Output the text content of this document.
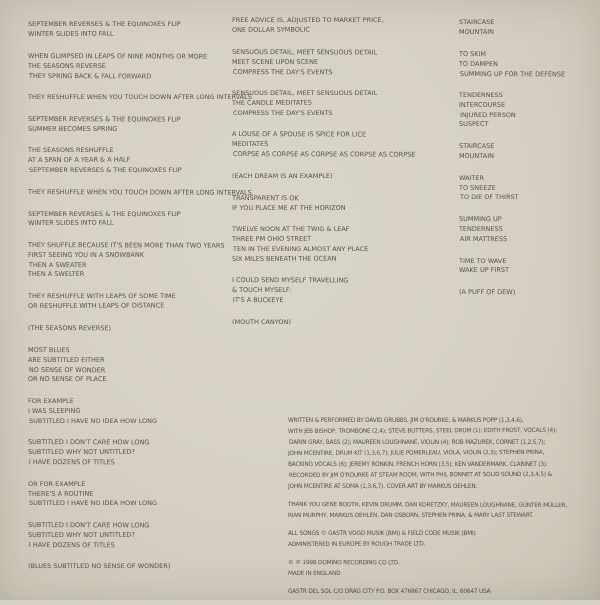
SEPTEMBER REVERSES & THE EQUINOXES FLIP
WINTER SLIDES INTO FALL
WHEN GLIMPSED IN LEAPS OF NINE MONTHS OR MORE
THE SEASONS REVERSE
THEY SPRING BACK & FALL FORWARD
THEY RESHUFFLE WHEN YOU TOUCH DOWN AFTER LONG INTERVALS
SEPTEMBER REVERSES & THE EQUINOXES FLIP
SUMMER BECOMES SPRING
THE SEASONS RESHUFFLE
AT A SPAN OF A YEAR & A HALF
SEPTEMBER REVERSES & THE EQUINOXES FLIP
THEY RESHUFFLE WHEN YOU TOUCH DOWN AFTER LONG INTERVALS.
SEPTEMBER REVERSES & THE EQUINOXES FLIP
WINTER SLIDES INTO FALL
THEY SHUFFLE BECAUSE IT'S BEEN MORE THAN TWO YEARS
FIRST SEEING YOU IN A SNOWBANK
THEN A SWEATER
THEN A SWELTER
THEY RESHUFFLE WITH LEAPS OF SOME TIME
OR RESHUFFLE WITH LEAPS OF DISTANCE
(THE SEASONS REVERSE)
MOST BLUES
ARE SUBTITLED EITHER
NO SENSE OF WONDER
OR NO SENSE OF PLACE
FOR EXAMPLE
I WAS SLEEPING
SUBTITLED I HAVE NO IDEA HOW LONG
SUBTITLED I DON'T CARE HOW LONG
SUBTITLED WHY NOT UNTITLED?
I HAVE DOZENS OF TITLES
OR FOR EXAMPLE
THERE'S A ROUTINE
SUBTITLED I HAVE NO IDEA HOW LONG
SUBTITLED I DON'T CARE HOW LONG
SUBTITLED WHY NOT UNTITLED?
I HAVE DOZENS OF TITLES
(BLUES SUBTITLED NO SENSE OF WONDER)
FREE ADVICE IS, ADJUSTED TO MARKET PRICE,
ONE DOLLAR SYMBOLIC
SENSUOUS DETAIL, MEET SENSUOUS DETAIL
MEET SCENE UPON SCENE
COMPRESS THE DAY'S EVENTS
SENSUOUS DETAIL, MEET SENSUOUS DETAIL
THE CANDLE MEDITATES
COMPRESS THE DAY'S EVENTS
A LOUSE OF A SPOUSE IS SPICE FOR LICE
MEDITATES
CORPSE AS CORPSE AS CORPSE AS CORPSE AS CORPSE
(EACH DREAM IS AN EXAMPLE)
TRANSPARENT IS OK
IF YOU PLACE ME AT THE HORIZON
TWELVE NOON AT THE TWIG & LEAF
THREE PM OHIO STREET
TEN IN THE EVENING ALMOST ANY PLACE
SIX MILES BENEATH THE OCEAN
I COULD SEND MYSELF TRAVELLING
& TOUCH MYSELF:
IT'S A BUCKEYE
(MOUTH CANYON)
STAIRCASE
MOUNTAIN
TO SKIM
TO DAMPEN
SUMMING UP FOR THE DEFENSE
TENDERNESS
INTERCOURSE
INJURED PERSON
SUSPECT
STAIRCASE
MOUNTAIN
WAITER
TO SNEEZE
TO DIE OF THIRST
SUMMING UP
TENDERNESS
AIR MATTRESS
TIME TO WAVE
WAKE UP FIRST
(A PUFF OF DEW)
WRITTEN & PERFORMED BY DAVID GRUBBS, JIM O'ROURKE, & MARKUS POPP (1,3,4,6),
WITH JEB BISHOP, TROMBONE (2,4); STEVE BUTTERS, STEEL DRUM (1); EDITH FROST, VOCALS (4);
DARIN GRAY, BASS (2); MAUREEN LOUGHNANE, VIOLIN (4); ROB MAZUREK, CORNET (1,2,5,7);
JOHN MCENTIRE, DRUM KIT (1,3,6,7); JULIE POMERLEAU, VIOLA, VIOLIN (2,3); STEPHEN PRINA,
BACKING VOCALS (6); JEREMY RONKIN, FRENCH HORN (3,5); KEN VANDERMARK, CLARINET (3).
RECORDED BY JIM O'ROURKE AT STEAM ROOM, WITH PHIL BONNET AT SOLID SOUND (2,3,4,5) &
JOHN MCENTIRE AT SOMA (1,3,6,7). COVER ART BY MARKUS OEHLEN.
THANK YOU GENE BOOTH, KEVIN DRUMM, DAN KORETZKY, MAUREEN LOUGHNANE, GÜNTER MÜLLER,
RIAN MURPHY, MARKUS OEHLEN, DAN OSBORN, STEPHEN PRINA, & MARY LAST STEWART.
ALL SONGS © GASTR VOGO MUSIK (BMI) & FIELD CODE MUSIK (BMI)
ADMINISTERED IN EUROPE BY ROUGH TRADE LTD.
© ℗ 1998 DOMINO RECORDING CO LTD.
MADE IN ENGLAND
GASTR DEL SOL C/O DRAG CITY P.O. BOX 476867 CHICAGO, IL. 60647 USA
